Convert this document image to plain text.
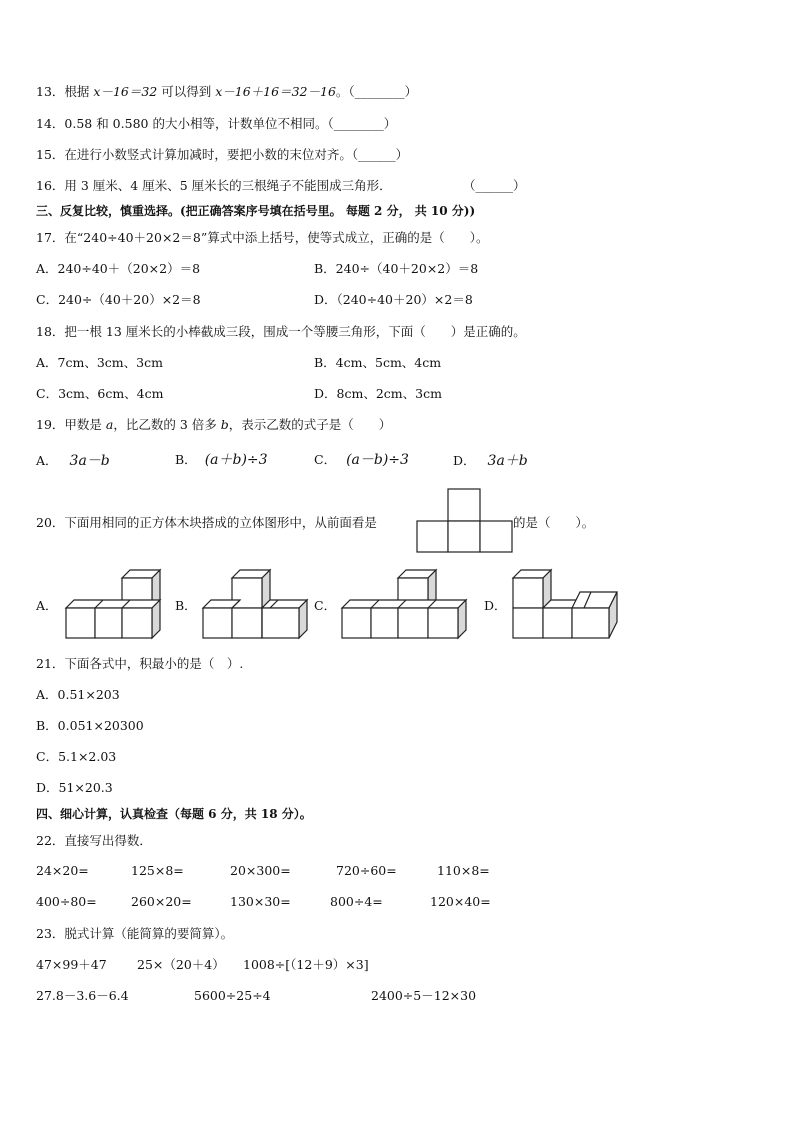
13．根据 x－16＝32 可以得到 x－16＋16＝32－16。（________）
14．0.58 和 0.580 的大小相等，计数单位不相同。（________）
15．在进行小数竖式计算加减时，要把小数的末位对齐。（______）
16．用 3 厘米、4 厘米、5 厘米长的三根绳子不能围成三角形．	（______）
三、反复比较，慎重选择。(把正确答案序号填在括号里。 每题 2 分， 共 10 分))
17．在“240÷40＋20×2＝8”算式中添上括号，使等式成立，正确的是（　　）。
A．240÷40＋（20×2）＝8	B．240÷（40＋20×2）＝8
C．240÷（40＋20）×2＝8	D．（240÷40＋20）×2＝8
18．把一根 13 厘米长的小棒截成三段，围成一个等腰三角形，下面（　　）是正确的。
A．7cm、3cm、3cm	B．4cm、5cm、4cm
C．3cm、6cm、4cm	D．8cm、2cm、3cm
19．甲数是 a，比乙数的 3 倍多 b，表示乙数的式子是（　　）
A． 3a－b	B． (a＋b)÷3	C． (a－b)÷3	D． 3a＋b
20．下面用相同的正方体木块搭成的立体图形中，从前面看是	的是（　　）。
A．	B．	C．	D．
21．下面各式中，积最小的是（　）.
A．0.51×203
B．0.051×20300
C．5.1×2.03
D．51×20.3
四、细心计算，认真检查（每题 6 分，共 18 分）。
22．直接写出得数．
24×20=	125×8=	20×300=	720÷60=	110×8=
400÷80=	260×20=	130×30=	800÷4=	120×40=
23．脱式计算（能简算的要简算）。
47×99＋47 25×（20＋4） 1008÷[（12＋9）×3]
27.8－3.6－6.4	5600÷25÷4	2400÷5－12×30
